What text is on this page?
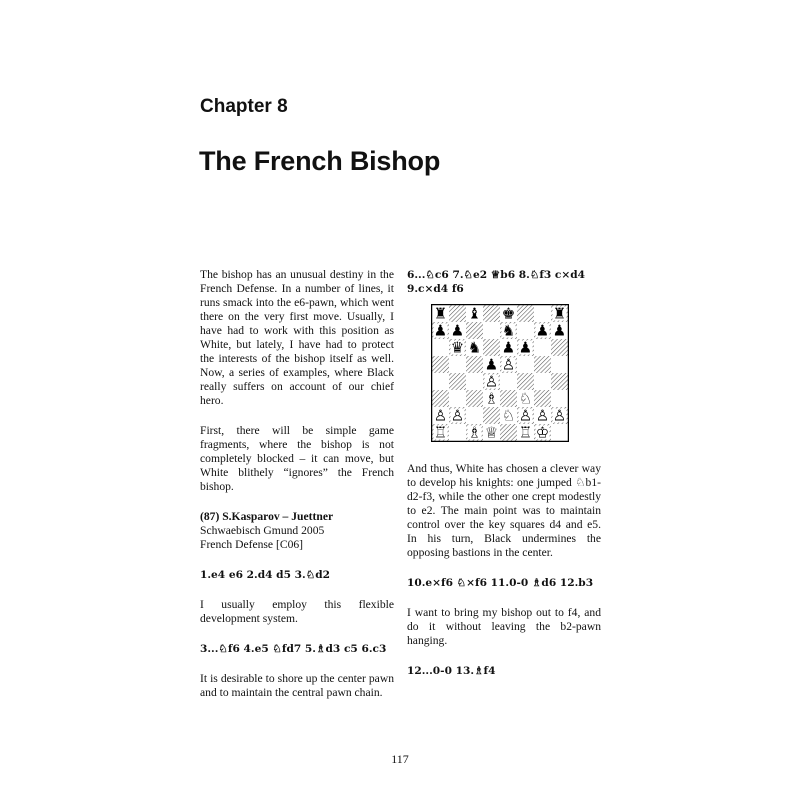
Chapter 8
The French Bishop

The bishop has an unusual destiny in the French Defense. In a number of lines, it runs smack into the e6-pawn, which went there on the very first move. Usually, I have had to work with this position as White, but lately, I have had to protect the interests of the bishop itself as well. Now, a series of examples, where Black really suffers on account of our chief hero.

First, there will be simple game fragments, where the bishop is not completely blocked – it can move, but White blithely “ignores” the French bishop.

(87) S.Kasparov – Juettner

Schwaebisch Gmund 2005

French Defense [C06]

1.e4 e6 2.d4 d5 3.♘d2

I usually employ this flexible development system.

3...♘f6 4.e5 ♘fd7 5.♗d3 c5 6.c3

It is desirable to shore up the center pawn and to maintain the central pawn chain.

6...♘c6 7.♘e2 ♕b6 8.♘f3 c×d4

9.c×d4 f6

♜ ♝ ♚	♜
♟ ♟	♞ ♟ ♟
♛ ♞ ♟ ♟
♟ ♙
♙
♗ ♘
♙ ♙	♘ ♙ ♙ ♙
♖ ♗ ♕ ♖ ♔

And thus, White has chosen a clever way to develop his knights: one jumped ♘b1-d2-f3, while the other one crept modestly to e2. The main point was to maintain control over the key squares d4 and e5. In his turn, Black undermines the opposing bastions in the center.

10.e×f6 ♘×f6 11.0-0 ♗d6 12.b3

I want to bring my bishop out to f4, and do it without leaving the b2-pawn hanging.

12...0-0 13.♗f4

117
